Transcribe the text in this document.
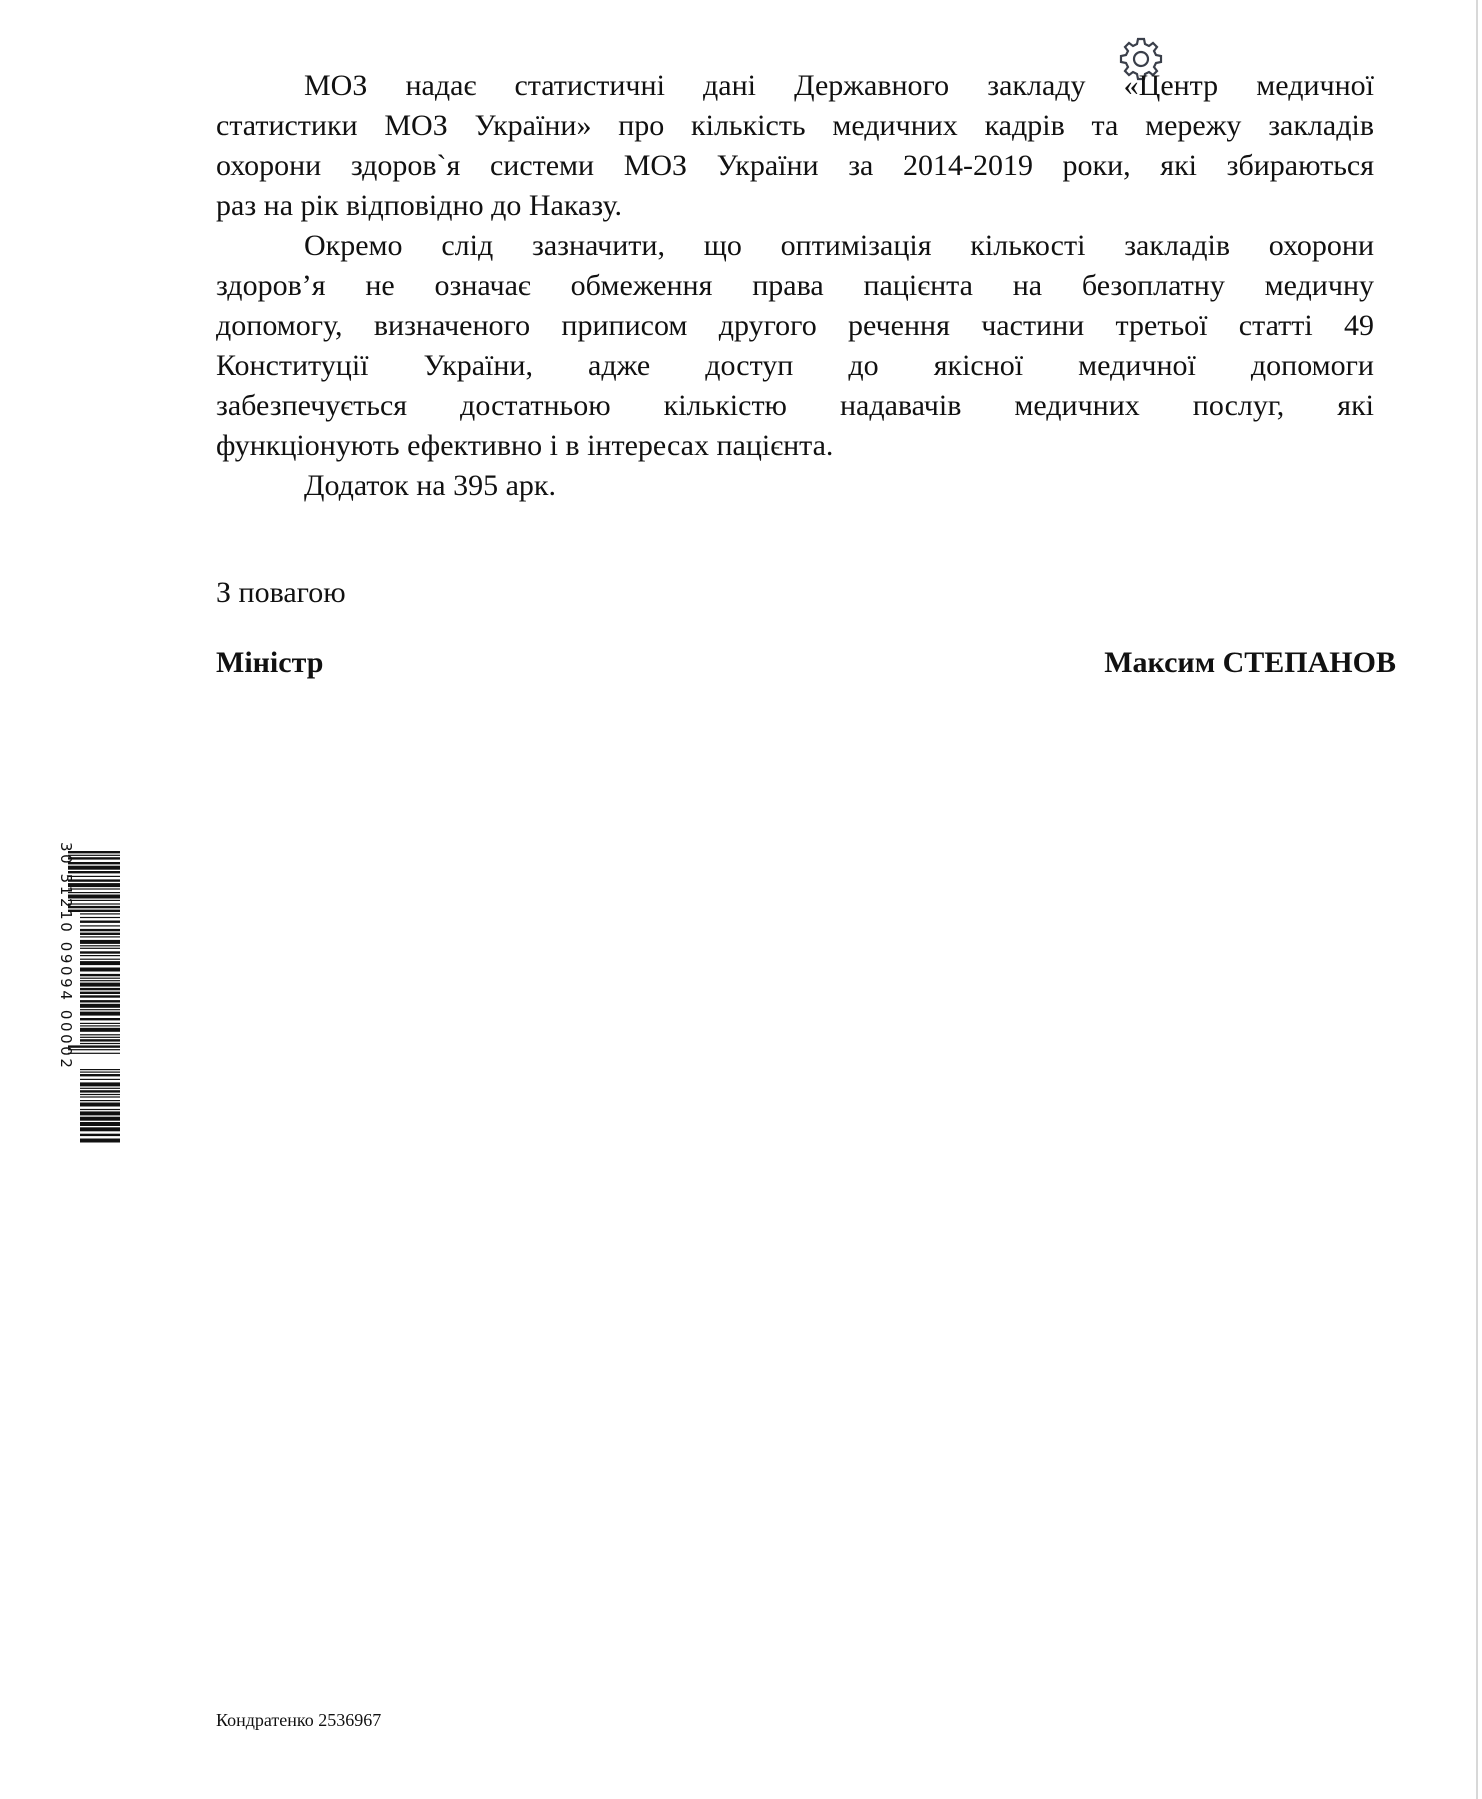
МОЗ надає статистичні дані Державного закладу «Центр медичної
статистики МОЗ України» про кількість медичних кадрів та мережу закладів
охорони здоров`я системи МОЗ України за 2014-2019 роки, які збираються
раз на рік відповідно до Наказу.
Окремо слід зазначити, що оптимізація кількості закладів охорони
здоров’я не означає обмеження права пацієнта на безоплатну медичну
допомогу, визначеного приписом другого речення частини третьої статті 49
Конституції України, адже доступ до якісної медичної допомоги
забезпечується достатньою кількістю надавачів медичних послуг, які
функціонують ефективно і в інтересах пацієнта.
Додаток на 395 арк.
З повагою
Міністр	Максим СТЕПАНОВ
30 51210 09094 00002
Кондратенко 2536967
